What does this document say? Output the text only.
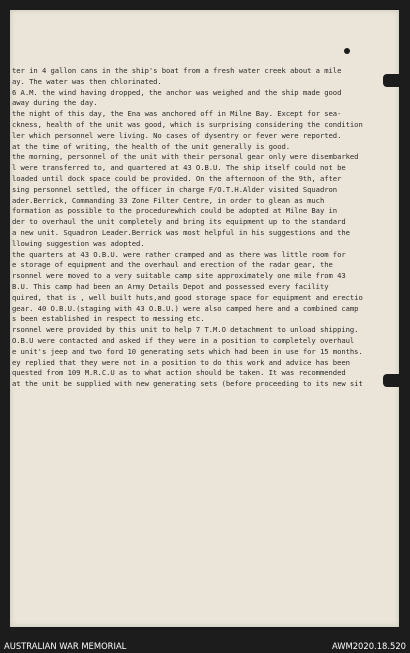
ter in 4 gallon cans in the ship's boat from a fresh water creek about a mile
ay. The water was then chlorinated.
6 A.M. the wind having dropped, the anchor was weighed and the ship made good
away during the day.
the night of this day, the Ena was anchored off in Milne Bay. Except for sea-
ckness, health of the unit was good, which is surprising considering the condition
ler which personnel were living. No cases of dysentry or fever were reported.
at the time of writing, the health of the unit generally is good.
the morning, personnel of the unit with their personal gear only were disembarked
l were transferred to, and quartered at 43 O.B.U. The ship itself could not be
loaded until dock space could be provided. On the afternoon of the 9th, after
sing personnel settled, the officer in charge F/O.T.H.Alder visited Squadron
ader.Berrick, Commanding 33 Zone Filter Centre, in order to glean as much
formation as possible to the procedurewhich could be adopted at Milne Bay in
der to overhaul the unit completely and bring its equipment up to the standard
a new unit. Squadron Leader.Berrick was most helpful in his suggestions and the
llowing suggestion was adopted.
the quarters at 43 O.B.U. were rather cramped and as there was little room for
e storage of equipment and the overhaul and erection of the radar gear, the
rsonnel were moved to a very suitable camp site approximately one mile from 43
B.U. This camp had been an Army Details Depot and possessed every facility
quired, that is , well built huts,and good storage space for equipment and erectio
gear. 40 O.B.U.(staging with 43 O.B.U.) were also camped here and a combined camp
s been established in respect to messing etc.
rsonnel were provided by this unit to help 7 T.M.O detachment to unload shipping.
O.B.U were contacted and asked if they were in a position to completely overhaul
e unit's jeep and two ford 10 generating sets which had been in use for 15 months.
ey replied that they were not in a position to do this work and advice has been
quested from 109 M.R.C.U as to what action should be taken. It was recommended
at the unit be supplied with new generating sets (before proceeding to its new sit
AUSTRALIAN WAR MEMORIAL	AWM2020.18.520
